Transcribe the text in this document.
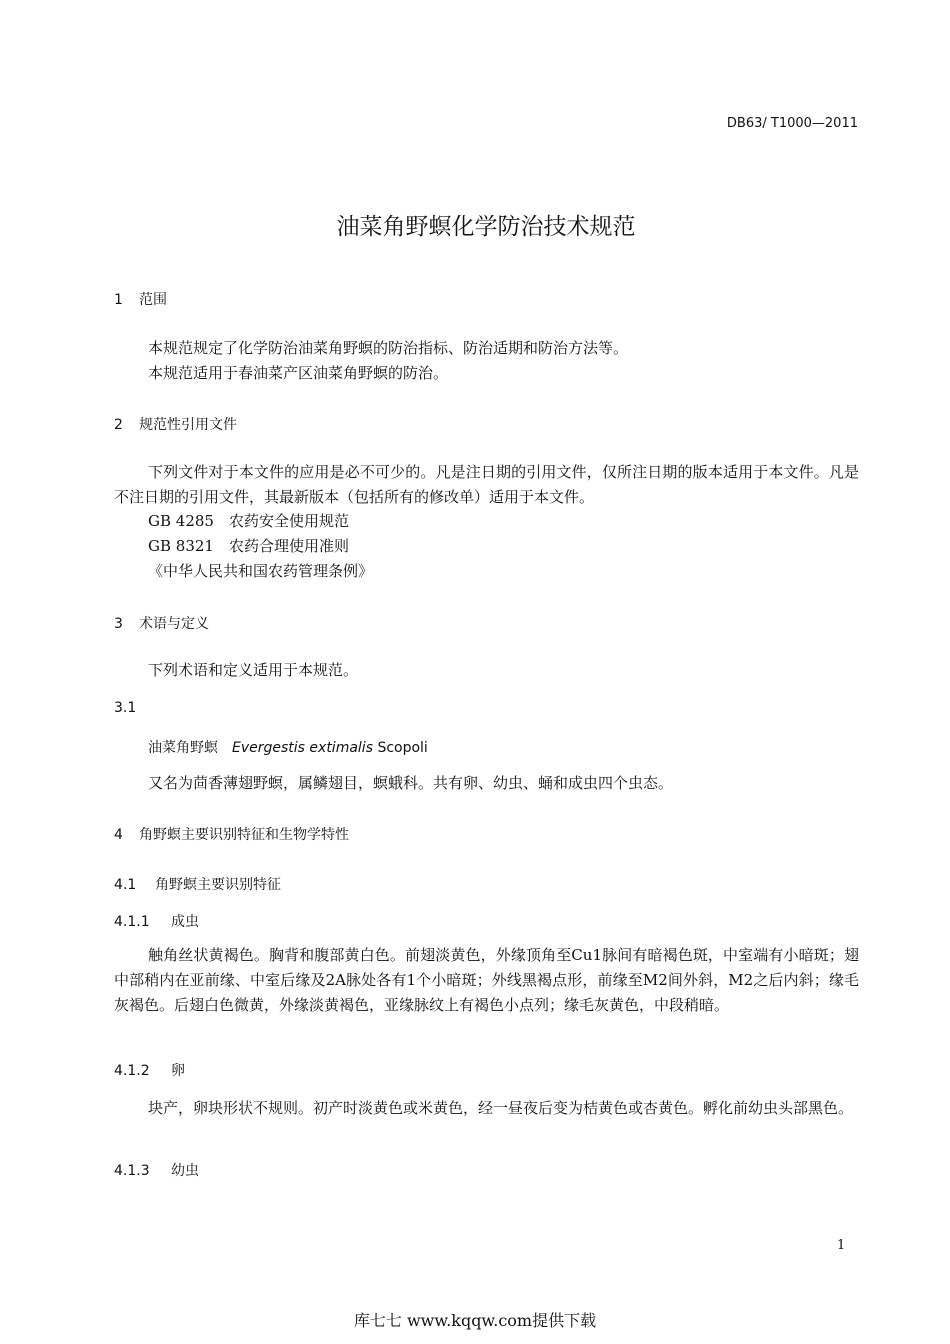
DB63/ T1000—2011
油菜角野螟化学防治技术规范
1 范围
本规范规定了化学防治油菜角野螟的防治指标、防治适期和防治方法等。
本规范适用于春油菜产区油菜角野螟的防治。
2 规范性引用文件
下列文件对于本文件的应用是必不可少的。凡是注日期的引用文件，仅所注日期的版本适用于本文件。凡是不注日期的引用文件，其最新版本（包括所有的修改单）适用于本文件。
GB 4285　农药安全使用规范
GB 8321　农药合理使用准则
《中华人民共和国农药管理条例》
3 术语与定义
下列术语和定义适用于本规范。
3.1
油菜角野螟 Evergestis extimalis Scopoli
又名为茴香薄翅野螟，属鳞翅目，螟蛾科。共有卵、幼虫、蛹和成虫四个虫态。
4 角野螟主要识别特征和生物学特性
4.1 角野螟主要识别特征
4.1.1 成虫
触角丝状黄褐色。胸背和腹部黄白色。前翅淡黄色，外缘顶角至Cu1脉间有暗褐色斑，中室端有小暗斑；翅中部稍内在亚前缘、中室后缘及2A脉处各有1个小暗斑；外线黑褐点形，前缘至M2间外斜，M2之后内斜；缘毛灰褐色。后翅白色微黄，外缘淡黄褐色，亚缘脉纹上有褐色小点列；缘毛灰黄色，中段稍暗。
4.1.2 卵
块产，卵块形状不规则。初产时淡黄色或米黄色，经一昼夜后变为桔黄色或杏黄色。孵化前幼虫头部黑色。
4.1.3 幼虫
1
库七七 www.kqqw.com提供下载
